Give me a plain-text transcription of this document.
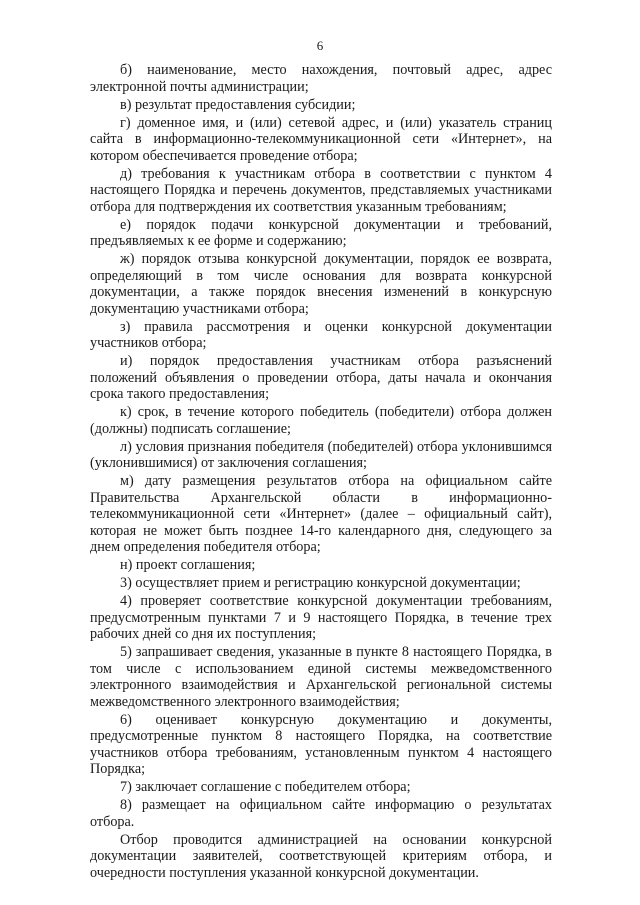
6

б) наименование, место нахождения, почтовый адрес, адрес электронной почты администрации;

в) результат предоставления субсидии;

г) доменное имя, и (или) сетевой адрес, и (или) указатель страниц сайта в информационно-телекоммуникационной сети «Интернет», на котором обеспечивается проведение отбора;

д) требования к участникам отбора в соответствии с пунктом 4 настоящего Порядка и перечень документов, представляемых участниками отбора для подтверждения их соответствия указанным требованиям;

е) порядок подачи конкурсной документации и требований, предъявляемых к ее форме и содержанию;

ж) порядок отзыва конкурсной документации, порядок ее возврата, определяющий в том числе основания для возврата конкурсной документации, а также порядок внесения изменений в конкурсную документацию участниками отбора;

з) правила рассмотрения и оценки конкурсной документации участников отбора;

и) порядок предоставления участникам отбора разъяснений положений объявления о проведении отбора, даты начала и окончания срока такого предоставления;

к) срок, в течение которого победитель (победители) отбора должен (должны) подписать соглашение;

л) условия признания победителя (победителей) отбора уклонившимся (уклонившимися) от заключения соглашения;

м) дату размещения результатов отбора на официальном сайте Правительства Архангельской области в информационно-телекоммуникационной сети «Интернет» (далее – официальный сайт), которая не может быть позднее 14-го календарного дня, следующего за днем определения победителя отбора;

н) проект соглашения;

3) осуществляет прием и регистрацию конкурсной документации;

4) проверяет соответствие конкурсной документации требованиям, предусмотренным пунктами 7 и 9 настоящего Порядка, в течение трех рабочих дней со дня их поступления;

5) запрашивает сведения, указанные в пункте 8 настоящего Порядка, в том числе с использованием единой системы межведомственного электронного взаимодействия и Архангельской региональной системы межведомственного электронного взаимодействия;

6) оценивает конкурсную документацию и документы, предусмотренные пунктом 8 настоящего Порядка, на соответствие участников отбора требованиям, установленным пунктом 4 настоящего Порядка;

7) заключает соглашение с победителем отбора;

8) размещает на официальном сайте информацию о результатах отбора.

Отбор проводится администрацией на основании конкурсной документации заявителей, соответствующей критериям отбора, и очередности поступления указанной конкурсной документации.
